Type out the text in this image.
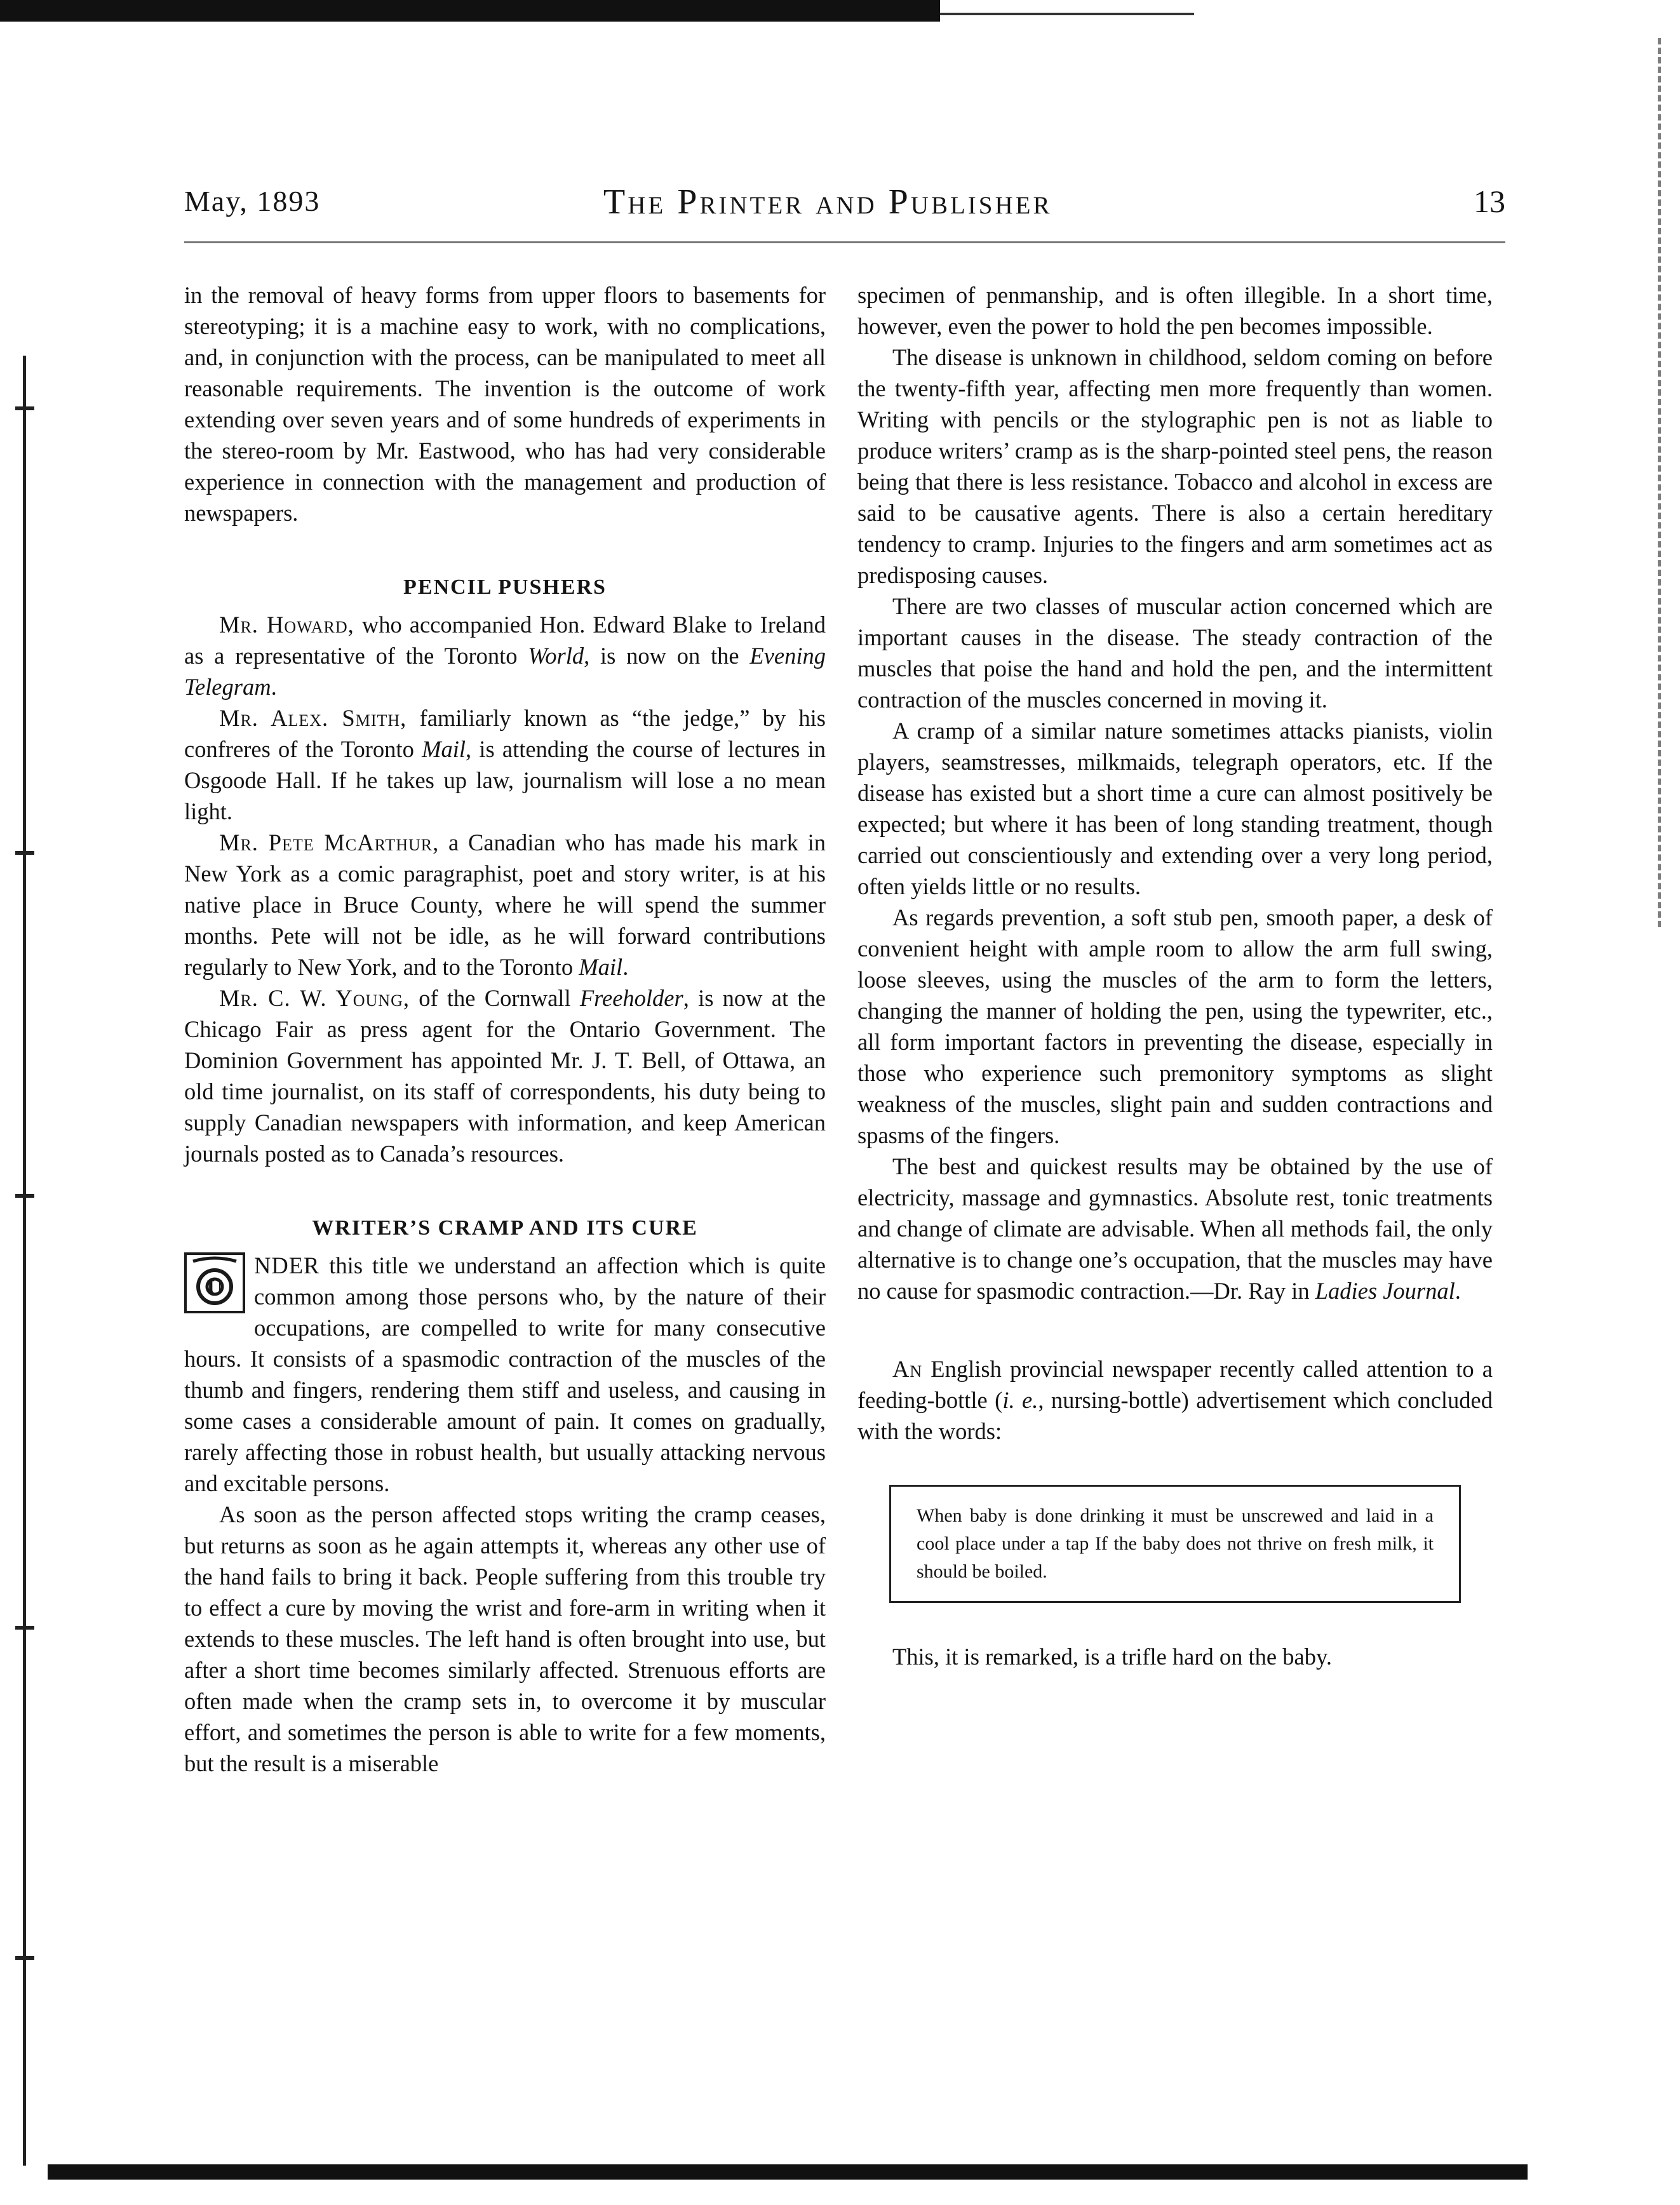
May, 1893	The Printer and Publisher	13

in the removal of heavy forms from upper floors to basements for stereotyping; it is a machine easy to work, with no complications, and, in conjunction with the process, can be manipulated to meet all reasonable requirements. The invention is the outcome of work extending over seven years and of some hundreds of experiments in the stereo-room by Mr. Eastwood, who has had very considerable experience in connection with the management and production of newspapers.

PENCIL PUSHERS

Mr. Howard, who accompanied Hon. Edward Blake to Ireland as a representative of the Toronto World, is now on the Evening Telegram.

Mr. Alex. Smith, familiarly known as “the jedge,” by his confreres of the Toronto Mail, is attending the course of lectures in Osgoode Hall. If he takes up law, journalism will lose a no mean light.

Mr. Pete McArthur, a Canadian who has made his mark in New York as a comic paragraphist, poet and story writer, is at his native place in Bruce County, where he will spend the summer months. Pete will not be idle, as he will forward contributions regularly to New York, and to the Toronto Mail.

Mr. C. W. Young, of the Cornwall Freeholder, is now at the Chicago Fair as press agent for the Ontario Government. The Dominion Government has appointed Mr. J. T. Bell, of Ottawa, an old time journalist, on its staff of correspondents, his duty being to supply Canadian newspapers with information, and keep American journals posted as to Canada’s resources.

WRITER’S CRAMP AND ITS CURE

U
NDER this title we understand an affection which is quite common among those persons who, by the nature of their occupations, are compelled to write for many consecutive hours. It consists of a spasmodic contraction of the muscles of the thumb and fingers, rendering them stiff and useless, and causing in some cases a considerable amount of pain. It comes on gradually, rarely affecting those in robust health, but usually attacking nervous and excitable persons.

As soon as the person affected stops writing the cramp ceases, but returns as soon as he again attempts it, whereas any other use of the hand fails to bring it back. People suffering from this trouble try to effect a cure by moving the wrist and fore-arm in writing when it extends to these muscles. The left hand is often brought into use, but after a short time becomes similarly affected. Strenuous efforts are often made when the cramp sets in, to overcome it by muscular effort, and sometimes the person is able to write for a few moments, but the result is a miserable

specimen of penmanship, and is often illegible. In a short time, however, even the power to hold the pen becomes impossible.

The disease is unknown in childhood, seldom coming on before the twenty-fifth year, affecting men more frequently than women. Writing with pencils or the stylographic pen is not as liable to produce writers’ cramp as is the sharp-pointed steel pens, the reason being that there is less resistance. Tobacco and alcohol in excess are said to be causative agents. There is also a certain hereditary tendency to cramp. Injuries to the fingers and arm sometimes act as predisposing causes.

There are two classes of muscular action concerned which are important causes in the disease. The steady contraction of the muscles that poise the hand and hold the pen, and the intermittent contraction of the muscles concerned in moving it.

A cramp of a similar nature sometimes attacks pianists, violin players, seamstresses, milkmaids, telegraph operators, etc. If the disease has existed but a short time a cure can almost positively be expected; but where it has been of long standing treatment, though carried out conscientiously and extending over a very long period, often yields little or no results.

As regards prevention, a soft stub pen, smooth paper, a desk of convenient height with ample room to allow the arm full swing, loose sleeves, using the muscles of the arm to form the letters, changing the manner of holding the pen, using the typewriter, etc., all form important factors in preventing the disease, especially in those who experience such premonitory symptoms as slight weakness of the muscles, slight pain and sudden contractions and spasms of the fingers.

The best and quickest results may be obtained by the use of electricity, massage and gymnastics. Absolute rest, tonic treatments and change of climate are advisable. When all methods fail, the only alternative is to change one’s occupation, that the muscles may have no cause for spasmodic contraction.—Dr. Ray in Ladies Journal.

An English provincial newspaper recently called attention to a feeding-bottle (i. e., nursing-bottle) advertisement which concluded with the words:

When baby is done drinking it must be unscrewed and laid in a cool place under a tap If the baby does not thrive on fresh milk, it should be boiled.

This, it is remarked, is a trifle hard on the baby.
